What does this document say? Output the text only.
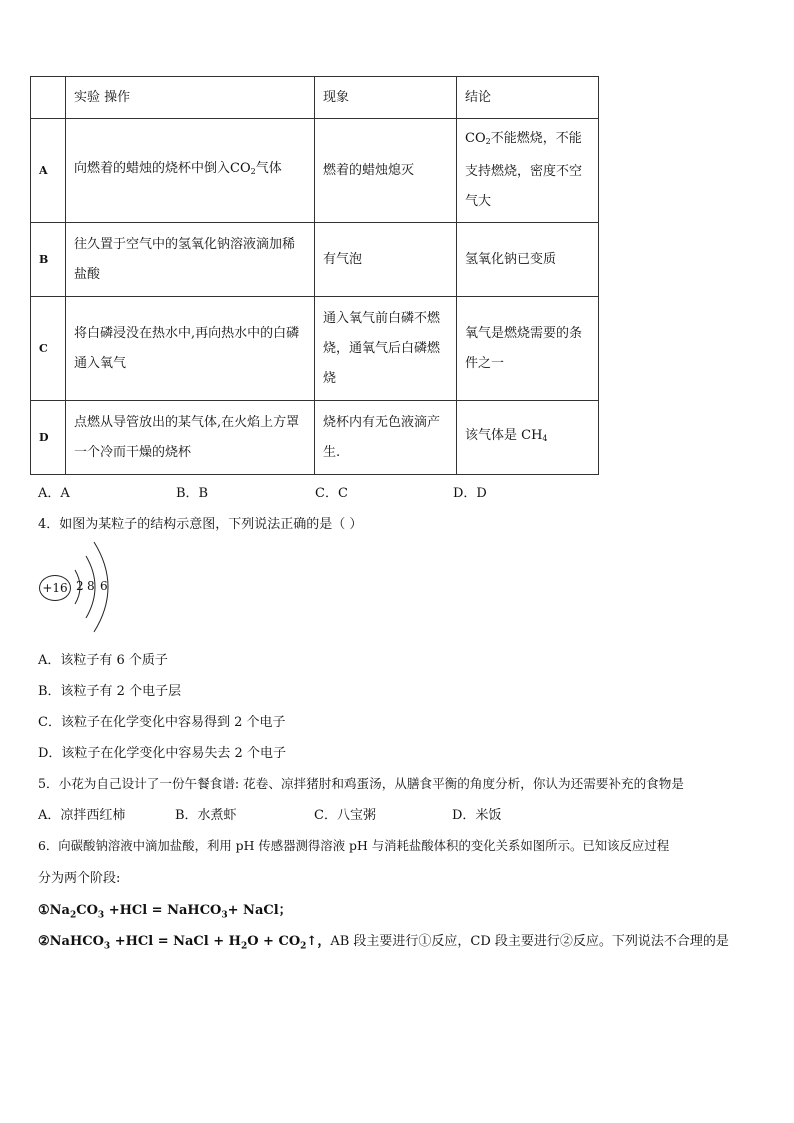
	实验 操作	现象	结论
A	向燃着的蜡烛的烧杯中倒入$CO_2$气体	燃着的蜡烛熄灭	$CO_2$不能燃烧，不能支持燃烧，密度不空气大
B	往久置于空气中的氢氧化钠溶液滴加稀盐酸	有气泡	氢氧化钠已变质
C	将白磷浸没在热水中,再向热水中的白磷通入氧气	通入氧气前白磷不燃烧，通氧气后白磷燃烧	氧气是燃烧需要的条件之一
D	点燃从导管放出的某气体,在火焰上方罩一个冷而干燥的烧杯	烧杯内有无色液滴产生.	该气体是 $CH_4$
A．A	B．B	C．C	D．D
4．如图为某粒子的结构示意图，下列说法正确的是（ ）
+16 2 8 6
A．该粒子有 6 个质子
B．该粒子有 2 个电子层
C．该粒子在化学变化中容易得到 2 个电子
D．该粒子在化学变化中容易失去 2 个电子
5．小花为自己设计了一份午餐食谱: 花卷、凉拌猪肘和鸡蛋汤，从膳食平衡的角度分析，你认为还需要补充的食物是
A．凉拌西红柿	B．水煮虾	C．八宝粥	D．米饭
6．向碳酸钠溶液中滴加盐酸，利用 pH 传感器测得溶液 pH 与消耗盐酸体积的变化关系如图所示。已知该反应过程
分为两个阶段:
$①Na_2CO_3 +HCl$ = NaHCO$_3$+ NaCl；
②NaHCO$_3$ +HCl = NaCl + $H_2O$ + $CO_2↑$，AB 段主要进行①反应，CD 段主要进行②反应。下列说法不合理的是
